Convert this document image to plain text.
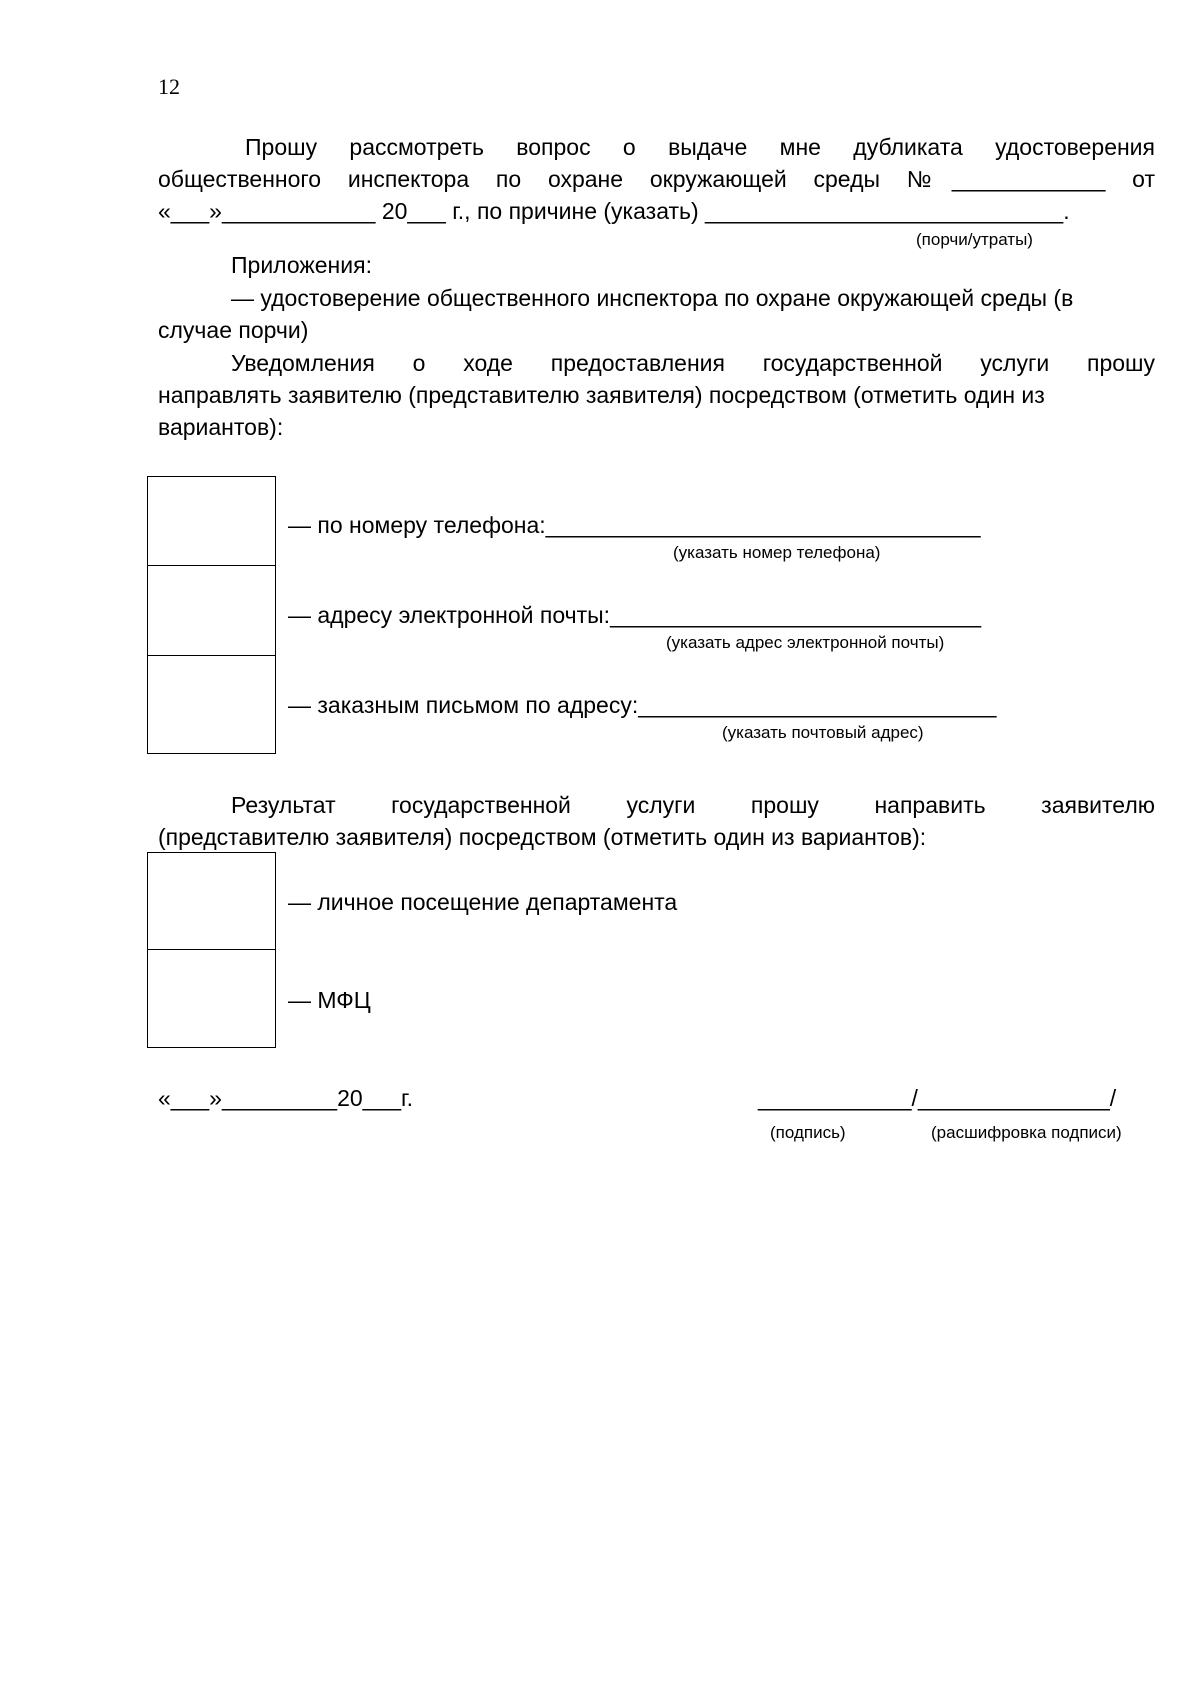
12
Прошу рассмотреть вопрос о выдаче мне дубликата удостоверения
общественного инспектора по охране окружающей среды №____________ от
«___»____________ 20___ г., по причине (указать) ____________________________.
(порчи/утраты)
Приложения:
— удостоверение общественного инспектора по охране окружающей среды (в
случае порчи)
Уведомления о ходе предоставления государственной услуги прошу
направлять заявителю (представителю заявителя) посредством (отметить один из
вариантов):
— по номеру телефона:__________________________________
(указать номер телефона)
— адресу электронной почты:_____________________________
(указать адрес электронной почты)
— заказным письмом по адресу:____________________________
(указать почтовый адрес)
Результат государственной услуги прошу направить заявителю
(представителю заявителя) посредством (отметить один из вариантов):
— личное посещение департамента
— МФЦ
«___»_________20___г.	____________/_______________/
(подпись)	(расшифровка подписи)
